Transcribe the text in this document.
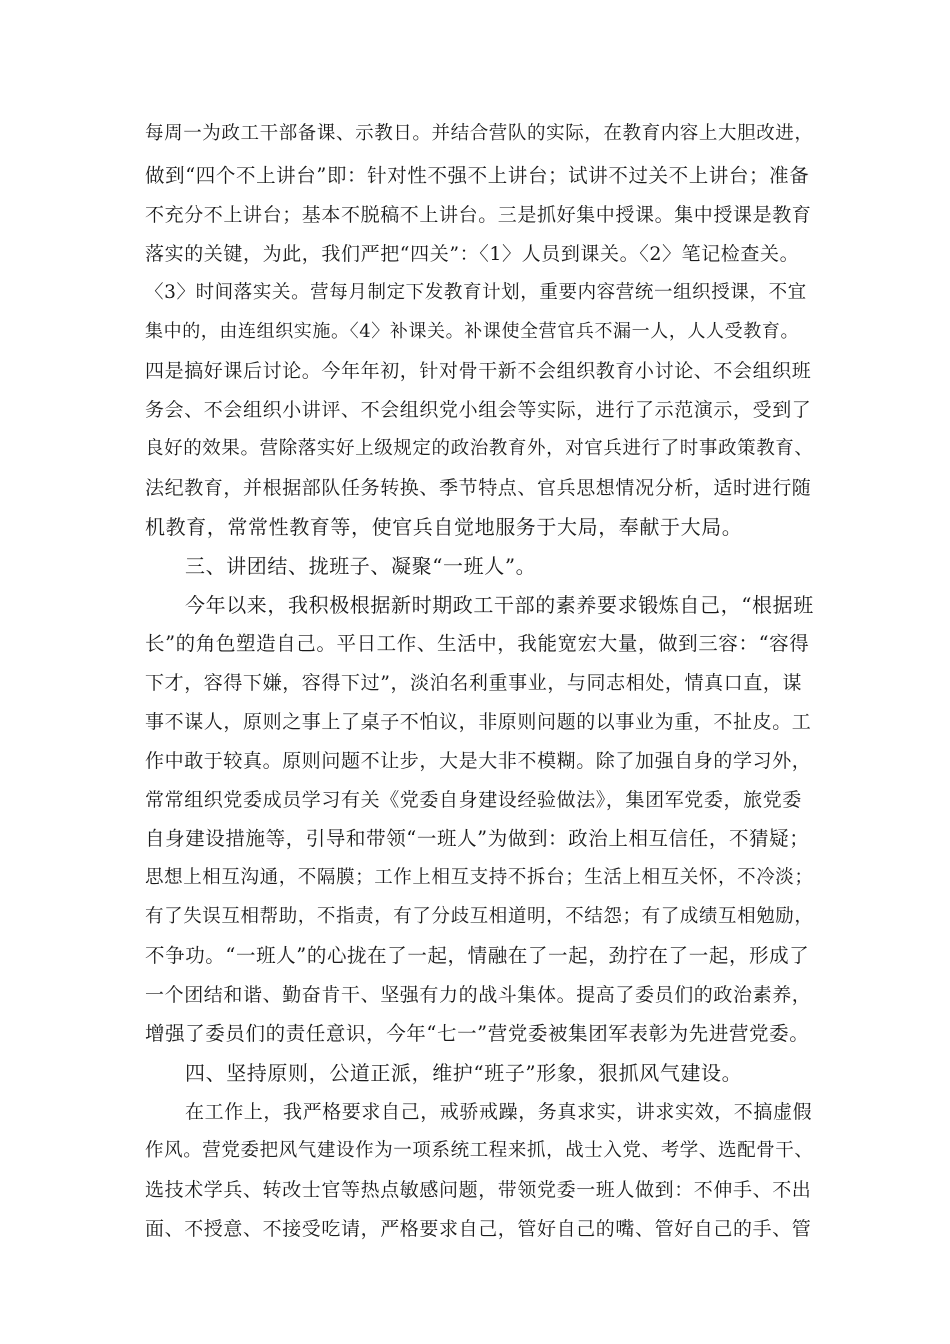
每周一为政工干部备课、示教日。并结合营队的实际，在教育内容上大胆改进，
做到“四个不上讲台”即：针对性不强不上讲台；试讲不过关不上讲台；准备
不充分不上讲台；基本不脱稿不上讲台。三是抓好集中授课。集中授课是教育
落实的关键，为此，我们严把“四关”：〈1〉人员到课关。〈2〉笔记检查关。
〈3〉时间落实关。营每月制定下发教育计划，重要内容营统一组织授课，不宜
集中的，由连组织实施。〈4〉补课关。补课使全营官兵不漏一人，人人受教育。
四是搞好课后讨论。今年年初，针对骨干新不会组织教育小讨论、不会组织班
务会、不会组织小讲评、不会组织党小组会等实际，进行了示范演示，受到了
良好的效果。营除落实好上级规定的政治教育外，对官兵进行了时事政策教育、
法纪教育，并根据部队任务转换、季节特点、官兵思想情况分析，适时进行随
机教育，常常性教育等，使官兵自觉地服务于大局，奉献于大局。
三、讲团结、拢班子、凝聚“一班人”。
今年以来，我积极根据新时期政工干部的素养要求锻炼自己，“根据班
长”的角色塑造自己。平日工作、生活中，我能宽宏大量，做到三容：“容得
下才，容得下嫌，容得下过”，淡泊名利重事业，与同志相处，情真口直，谋
事不谋人，原则之事上了桌子不怕议，非原则问题的以事业为重，不扯皮。工
作中敢于较真。原则问题不让步，大是大非不模糊。除了加强自身的学习外，
常常组织党委成员学习有关《党委自身建设经验做法》，集团军党委，旅党委
自身建设措施等，引导和带领“一班人”为做到：政治上相互信任，不猜疑；
思想上相互沟通，不隔膜；工作上相互支持不拆台；生活上相互关怀，不冷淡；
有了失误互相帮助，不指责，有了分歧互相道明，不结怨；有了成绩互相勉励，
不争功。“一班人”的心拢在了一起，情融在了一起，劲拧在了一起，形成了
一个团结和谐、勤奋肯干、坚强有力的战斗集体。提高了委员们的政治素养，
增强了委员们的责任意识，今年“七一”营党委被集团军表彰为先进营党委。
四、坚持原则，公道正派，维护“班子”形象，狠抓风气建设。
在工作上，我严格要求自己，戒骄戒躁，务真求实，讲求实效，不搞虚假
作风。营党委把风气建设作为一项系统工程来抓，战士入党、考学、选配骨干、
选技术学兵、转改士官等热点敏感问题，带领党委一班人做到：不伸手、不出
面、不授意、不接受吃请，严格要求自己，管好自己的嘴、管好自己的手、管
